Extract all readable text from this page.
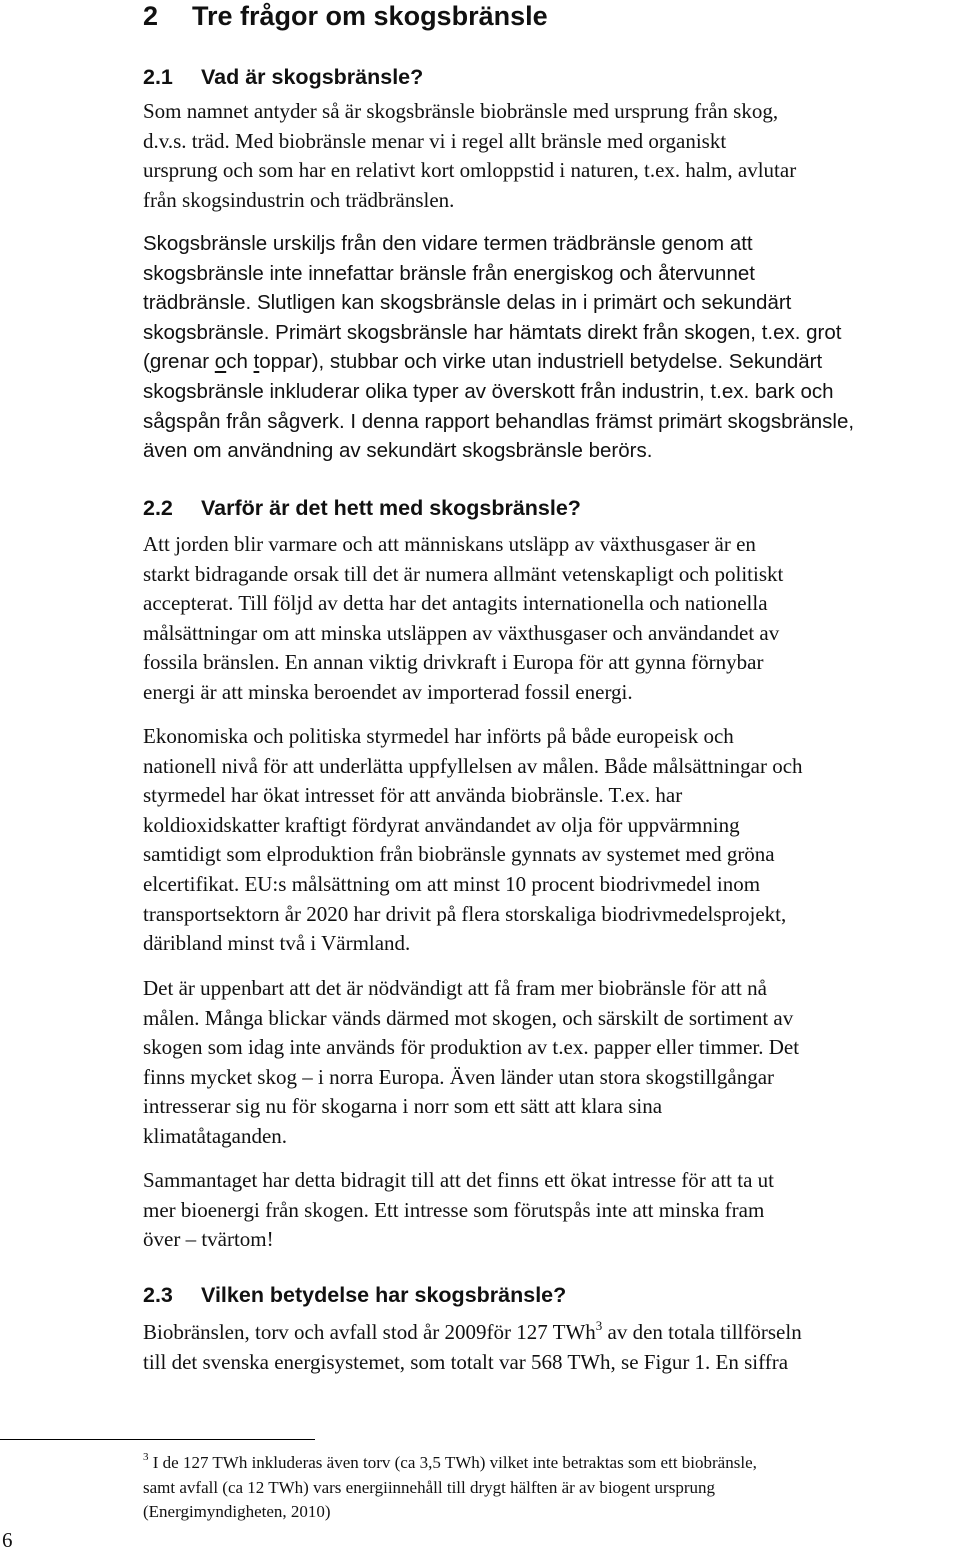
2 Tre frågor om skogsbränsle
2.1 Vad är skogsbränsle?
Som namnet antyder så är skogsbränsle biobränsle med ursprung från skog,
d.v.s. träd. Med biobränsle menar vi i regel allt bränsle med organiskt
ursprung och som har en relativt kort omloppstid i naturen, t.ex. halm, avlutar
från skogsindustrin och trädbränslen.
Skogsbränsle urskiljs från den vidare termen trädbränsle genom att
skogsbränsle inte innefattar bränsle från energiskog och återvunnet
trädbränsle. Slutligen kan skogsbränsle delas in i primärt och sekundärt
skogsbränsle. Primärt skogsbränsle har hämtats direkt från skogen, t.ex. grot
(grenar och toppar), stubbar och virke utan industriell betydelse. Sekundärt
skogsbränsle inkluderar olika typer av överskott från industrin, t.ex. bark och
sågspån från sågverk. I denna rapport behandlas främst primärt skogsbränsle,
även om användning av sekundärt skogsbränsle berörs.
2.2 Varför är det hett med skogsbränsle?
Att jorden blir varmare och att människans utsläpp av växthusgaser är en
starkt bidragande orsak till det är numera allmänt vetenskapligt och politiskt
accepterat. Till följd av detta har det antagits internationella och nationella
målsättningar om att minska utsläppen av växthusgaser och användandet av
fossila bränslen. En annan viktig drivkraft i Europa för att gynna förnybar
energi är att minska beroendet av importerad fossil energi.
Ekonomiska och politiska styrmedel har införts på både europeisk och
nationell nivå för att underlätta uppfyllelsen av målen. Både målsättningar och
styrmedel har ökat intresset för att använda biobränsle. T.ex. har
koldioxidskatter kraftigt fördyrat användandet av olja för uppvärmning
samtidigt som elproduktion från biobränsle gynnats av systemet med gröna
elcertifikat. EU:s målsättning om att minst 10 procent biodrivmedel inom
transportsektorn år 2020 har drivit på flera storskaliga biodrivmedelsprojekt,
däribland minst två i Värmland.
Det är uppenbart att det är nödvändigt att få fram mer biobränsle för att nå
målen. Många blickar vänds därmed mot skogen, och särskilt de sortiment av
skogen som idag inte används för produktion av t.ex. papper eller timmer. Det
finns mycket skog – i norra Europa. Även länder utan stora skogstillgångar
intresserar sig nu för skogarna i norr som ett sätt att klara sina
klimatåtaganden.
Sammantaget har detta bidragit till att det finns ett ökat intresse för att ta ut
mer bioenergi från skogen. Ett intresse som förutspås inte att minska fram
över – tvärtom!
2.3 Vilken betydelse har skogsbränsle?
Biobränslen, torv och avfall stod år 2009för 127 TWh$^3$ av den totala tillförseln
till det svenska energisystemet, som totalt var 568 TWh, se Figur 1. En siffra
$^3$ I de 127 TWh inkluderas även torv (ca 3,5 TWh) vilket inte betraktas som ett biobränsle,
samt avfall (ca 12 TWh) vars energiinnehåll till drygt hälften är av biogent ursprung
(Energimyndigheten, 2010)
6
